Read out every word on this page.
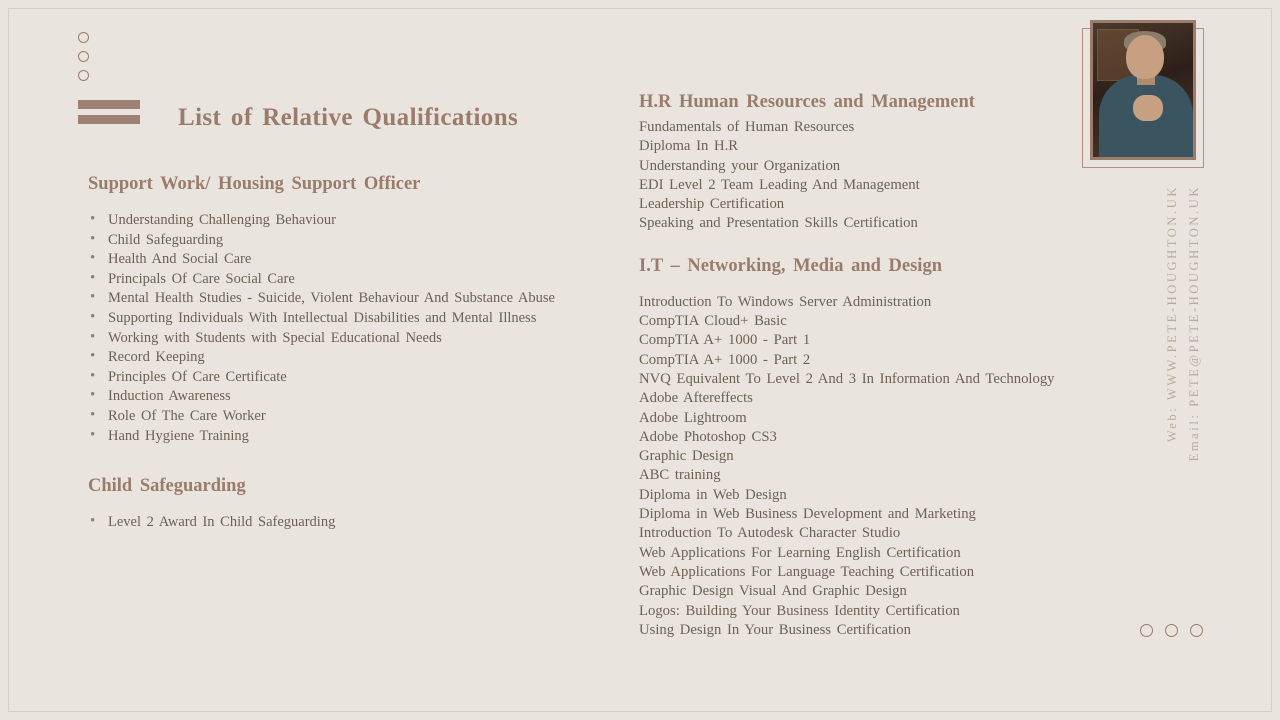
List of Relative Qualifications
Support Work/ Housing Support Officer
• Understanding Challenging Behaviour
• Child Safeguarding
• Health And Social Care
• Principals Of Care Social Care
• Mental Health Studies - Suicide, Violent Behaviour And Substance Abuse
• Supporting Individuals With Intellectual Disabilities and Mental Illness
• Working with Students with Special Educational Needs
• Record Keeping
• Principles Of Care Certificate
• Induction Awareness
• Role Of The Care Worker
• Hand Hygiene Training
Child Safeguarding
• Level 2 Award In Child Safeguarding
H.R Human Resources and Management
Fundamentals of Human Resources
Diploma In H.R
Understanding your Organization
EDI Level 2 Team Leading And Management
Leadership Certification
Speaking and Presentation Skills Certification
I.T – Networking, Media and Design
Introduction To Windows Server Administration
CompTIA Cloud+ Basic
CompTIA A+ 1000 - Part 1
CompTIA A+ 1000 - Part 2
NVQ Equivalent To Level 2 And 3 In Information And Technology
Adobe Aftereffects
Adobe Lightroom
Adobe Photoshop CS3
Graphic Design
ABC training
Diploma in Web Design
Diploma in Web Business Development and Marketing
Introduction To Autodesk Character Studio
Web Applications For Learning English Certification
Web Applications For Language Teaching Certification
Graphic Design Visual And Graphic Design
Logos: Building Your Business Identity Certification
Using Design In Your Business Certification
Web: WWW.PETE-HOUGHTON.UK Email: PETE@PETE-HOUGHTON.UK
